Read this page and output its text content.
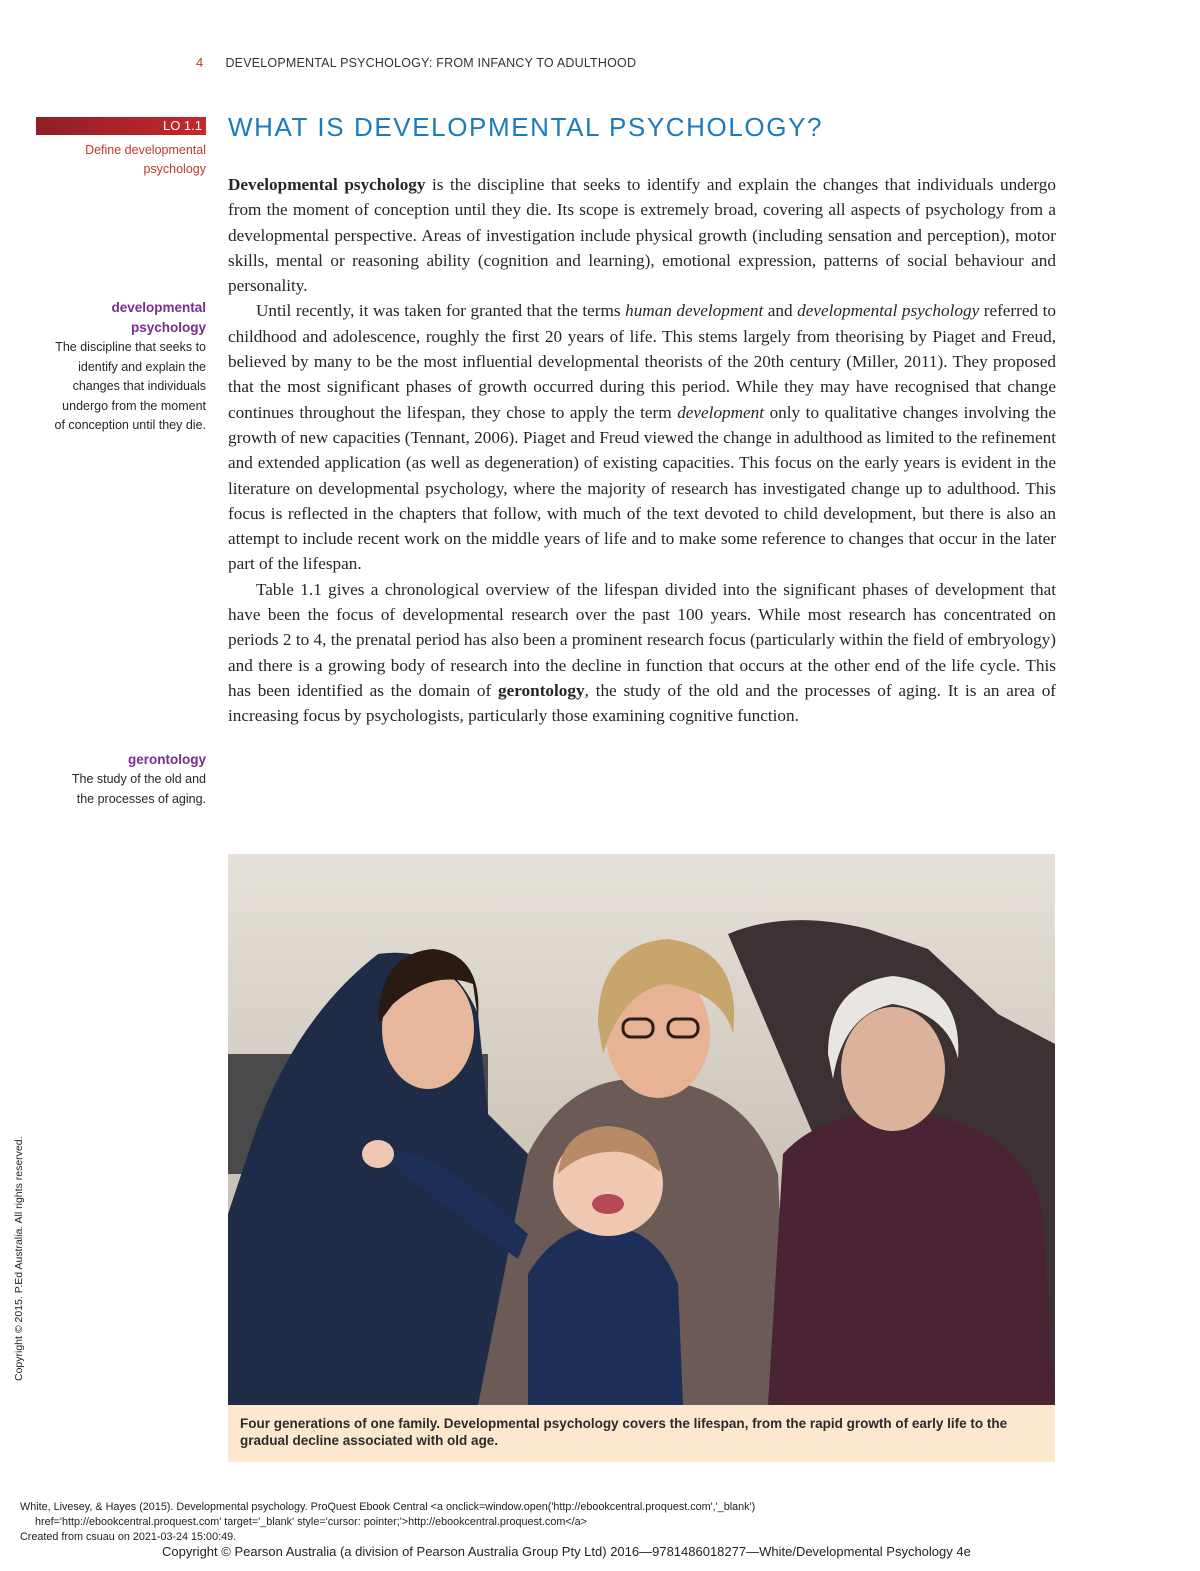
4 DEVELOPMENTAL PSYCHOLOGY: FROM INFANCY TO ADULTHOOD
LO 1.1
Define developmental
psychology
WHAT IS DEVELOPMENTAL PSYCHOLOGY?

Developmental psychology is the discipline that seeks to identify and explain the changes that individuals undergo from the moment of conception until they die. Its scope is extremely broad, covering all aspects of psychology from a developmental perspective. Areas of investigation include physical growth (including sensation and perception), motor skills, mental or reasoning ability (cognition and learning), emotional expression, patterns of social behaviour and personality.

Until recently, it was taken for granted that the terms human development and developmental psychology referred to childhood and adolescence, roughly the first 20 years of life. This stems largely from theorising by Piaget and Freud, believed by many to be the most influential developmental theorists of the 20th century (Miller, 2011). They proposed that the most significant phases of growth occurred during this period. While they may have recognised that change continues throughout the lifespan, they chose to apply the term development only to qualitative changes involving the growth of new capacities (Tennant, 2006). Piaget and Freud viewed the change in adulthood as limited to the refinement and extended application (as well as degeneration) of existing capacities. This focus on the early years is evident in the literature on developmental psychology, where the majority of research has investigated change up to adulthood. This focus is reflected in the chapters that follow, with much of the text devoted to child development, but there is also an attempt to include recent work on the middle years of life and to make some reference to changes that occur in the later part of the lifespan.

Table 1.1 gives a chronological overview of the lifespan divided into the significant phases of development that have been the focus of developmental research over the past 100 years. While most research has concentrated on periods 2 to 4, the prenatal period has also been a prominent research focus (particularly within the field of embryology) and there is a growing body of research into the decline in function that occurs at the other end of the life cycle. This has been identified as the domain of gerontology, the study of the old and the processes of aging. It is an area of increasing focus by psychologists, particularly those examining cognitive function.

developmental
psychology
The discipline that seeks to
identify and explain the
changes that individuals
undergo from the moment
of conception until they die.
gerontology
The study of the old and
the processes of aging.
Four generations of one family. Developmental psychology covers the lifespan, from the rapid growth of early life to the gradual decline associated with old age.
Copyright © 2015. P.Ed Australia. All rights reserved.
White, Livesey, & Hayes (2015). Developmental psychology. ProQuest Ebook Central <a onclick=window.open('http://ebookcentral.proquest.com','_blank')
href='http://ebookcentral.proquest.com' target='_blank' style='cursor: pointer;'>http://ebookcentral.proquest.com</a>
Created from csuau on 2021-03-24 15:00:49.
Copyright © Pearson Australia (a division of Pearson Australia Group Pty Ltd) 2016—9781486018277—White/Developmental Psychology 4e
